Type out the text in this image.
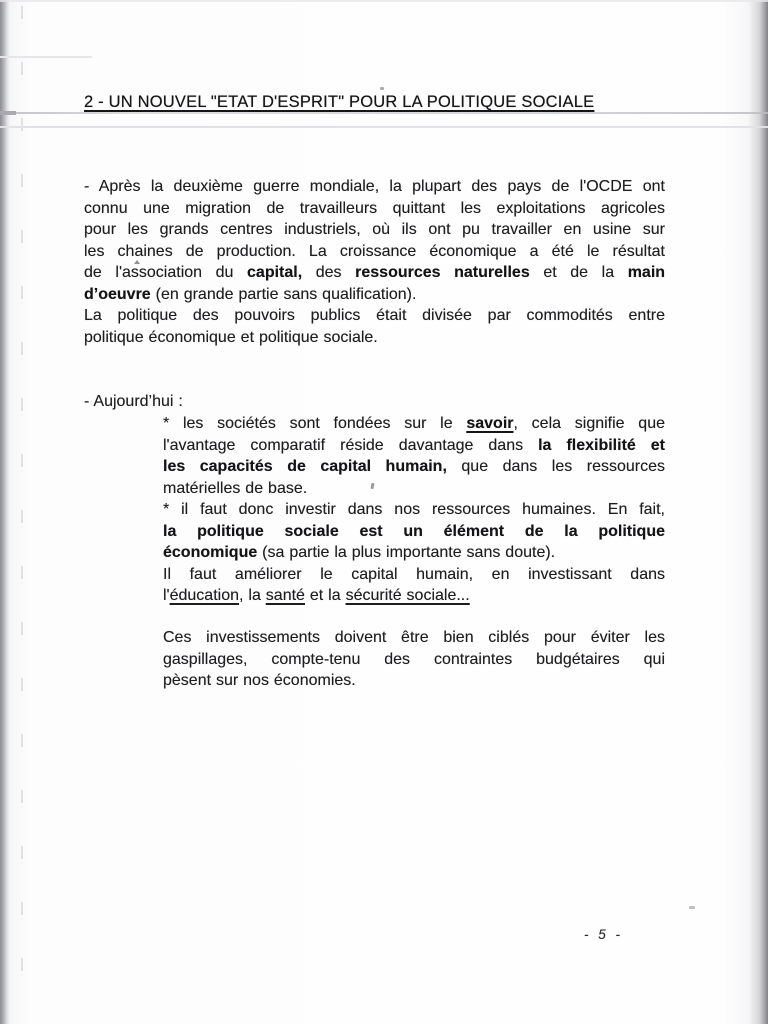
2 - UN NOUVEL "ETAT D'ESPRIT" POUR LA POLITIQUE SOCIALE
- Après la deuxième guerre mondiale, la plupart des pays de l'OCDE ont
connu une migration de travailleurs quittant les exploitations agricoles
pour les grands centres industriels, où ils ont pu travailler en usine sur
les chaines de production. La croissance économique a été le résultat
de l'association du capital, des ressources naturelles et de la main
d’oeuvre (en grande partie sans qualification).
La politique des pouvoirs publics était divisée par commodités entre
politique économique et politique sociale.
- Aujourd’hui :
* les sociétés sont fondées sur le savoir, cela signifie que
l'avantage comparatif réside davantage dans la flexibilité et
les capacités de capital humain, que dans les ressources
matérielles de base.
* il faut donc investir dans nos ressources humaines. En fait,
la politique sociale est un élément de la politique
économique (sa partie la plus importante sans doute).
Il faut améliorer le capital humain, en investissant dans
l'éducation, la santé et la sécurité sociale...
Ces investissements doivent être bien ciblés pour éviter les
gaspillages, compte-tenu des contraintes budgétaires qui
pèsent sur nos économies.
- 5 -
